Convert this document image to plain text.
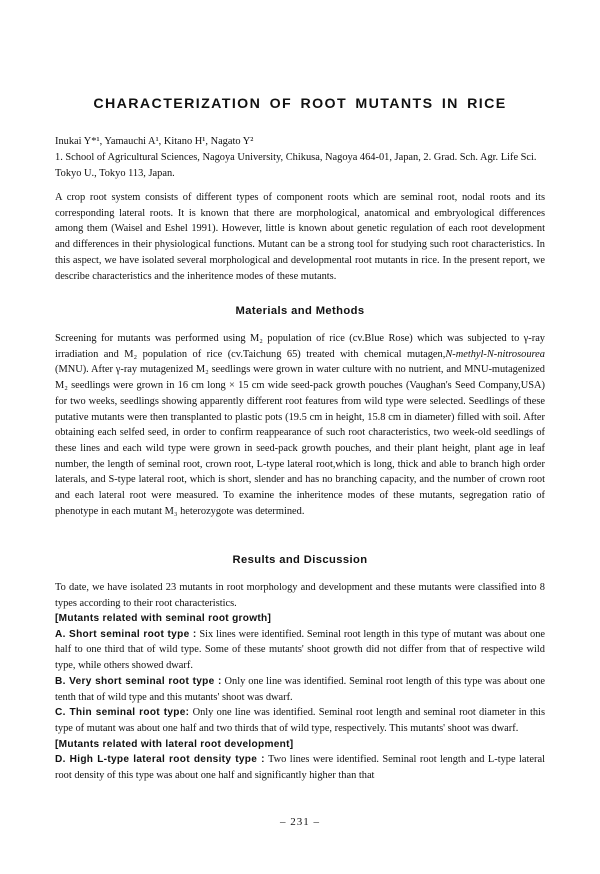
CHARACTERIZATION OF ROOT MUTANTS IN RICE

Inukai Y*¹, Yamauchi A¹, Kitano H¹, Nagato Y²

1. School of Agricultural Sciences, Nagoya University, Chikusa, Nagoya 464-01, Japan, 2. Grad. Sch. Agr. Life Sci. Tokyo U., Tokyo 113, Japan.

A crop root system consists of different types of component roots which are seminal root, nodal roots and its corresponding lateral roots. It is known that there are morphological, anatomical and embryological differences among them (Waisel and Eshel 1991). However, little is known about genetic regulation of each root development and differences in their physiological functions. Mutant can be a strong tool for studying such root characteristics. In this aspect, we have isolated several morphological and developmental root mutants in rice. In the present report, we describe characteristics and the inheritence modes of these mutants.

Materials and Methods

Screening for mutants was performed using M₂ population of rice (cv.Blue Rose) which was subjected to γ-ray irradiation and M₂ population of rice (cv.Taichung 65) treated with chemical mutagen,N-methyl-N-nitrosourea (MNU). After γ-ray mutagenized M₂ seedlings were grown in water culture with no nutrient, and MNU-mutagenized M₂ seedlings were grown in 16 cm long × 15 cm wide seed-pack growth pouches (Vaughan's Seed Company,USA) for two weeks, seedlings showing apparently different root features from wild type were selected. Seedlings of these putative mutants were then transplanted to plastic pots (19.5 cm in height, 15.8 cm in diameter) filled with soil. After obtaining each selfed seed, in order to confirm reappearance of such root characteristics, two week-old seedlings of these lines and each wild type were grown in seed-pack growth pouches, and their plant height, plant age in leaf number, the length of seminal root, crown root, L-type lateral root,which is long, thick and able to branch high order laterals, and S-type lateral root, which is short, slender and has no branching capacity, and the number of crown root and each lateral root were measured. To examine the inheritence modes of these mutants, segregation ratio of phenotype in each mutant M₃ heterozygote was determined.

Results and Discussion

To date, we have isolated 23 mutants in root morphology and development and these mutants were classified into 8 types according to their root characteristics.

[Mutants related with seminal root growth]

A. Short seminal root type : Six lines were identified. Seminal root length in this type of mutant was about one half to one third that of wild type. Some of these mutants' shoot growth did not differ from that of respective wild type, while others showed dwarf.

B. Very short seminal root type : Only one line was identified. Seminal root length of this type was about one tenth that of wild type and this mutants' shoot was dwarf.

C. Thin seminal root type: Only one line was identified. Seminal root length and seminal root diameter in this type of mutant was about one half and two thirds that of wild type, respectively. This mutants' shoot was dwarf.

[Mutants related with lateral root development]

D. High L-type lateral root density type : Two lines were identified. Seminal root length and L-type lateral root density of this type was about one half and significantly higher than that

– 231 –
